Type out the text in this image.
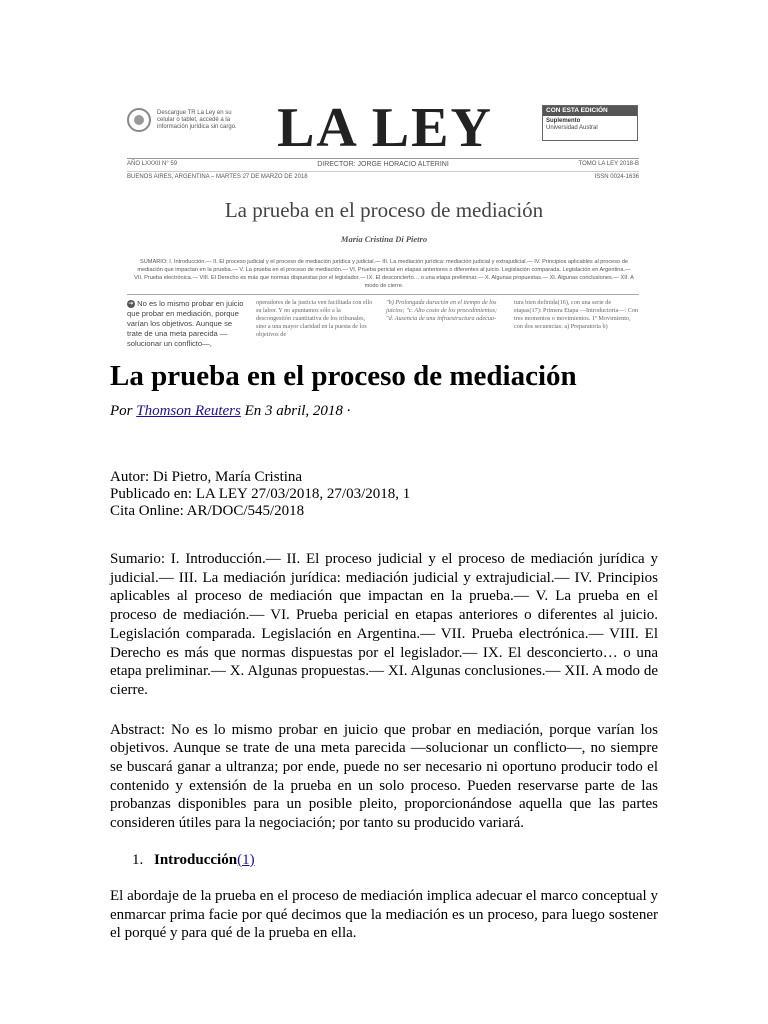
Descargue TR La Ley en su celular o tablet, accedé a la información jurídica sin cargo. LA LEY	CON ESTA EDICIÓN
Suplemento
Universidad Austral
AÑO LXXXII N° 59	DIRECTOR: JORGE HORACIO ALTERINI	TOMO LA LEY 2018-B
BUENOS AIRES, ARGENTINA – MARTES 27 DE MARZO DE 2018	ISSN 0024-1636
La prueba en el proceso de mediación
María Cristina Di Pietro
SUMARIO: I. Introducción.— II. El proceso judicial y el proceso de mediación jurídica y judicial.— III. La mediación jurídica: mediación judicial y extrajudicial.— IV. Principios aplicables al proceso de mediación que impactan en la prueba.— V. La prueba en el proceso de mediación.— VI. Prueba pericial en etapas anteriores o diferentes al juicio. Legislación comparada. Legislación en Argentina.— VII. Prueba electrónica.— VIII. El Derecho es más que normas dispuestas por el legislador.— IX. El desconcierto… o una etapa preliminar.— X. Algunas propuestas.— XI. Algunas conclusiones.— XII. A modo de cierre.
➔ No es lo mismo probar en juicio que probar en mediación, porque varían los objetivos. Aunque se trate de una meta parecida —solucionar un conflicto—,
operadores de la justicia ven facilitada con ello su labor. Y no apuntamos sólo a la descongestión cuantitativa de los tribunales, sino a una mayor claridad en la puesta de los objetivos de
"b) Prolongada duración en el tiempo de los juicios; "c. Alto costo de los procedimientos; "d. Ausencia de una infraestructura adecua-
tura bien definida(16), con una serie de etapas(17): Primera Etapa —Introductoria—: Con tres momentos o movimientos. 1º Movimiento, con dos secuencias: a) Preparatoria b)
La prueba en el proceso de mediación
Por Thomson Reuters En 3 abril, 2018 ·
Autor: Di Pietro, María Cristina
Publicado en: LA LEY 27/03/2018, 27/03/2018, 1
Cita Online: AR/DOC/545/2018

Sumario: I. Introducción.— II. El proceso judicial y el proceso de mediación jurídica y judicial.— III. La mediación jurídica: mediación judicial y extrajudicial.— IV. Principios aplicables al proceso de mediación que impactan en la prueba.— V. La prueba en el proceso de mediación.— VI. Prueba pericial en etapas anteriores o diferentes al juicio. Legislación comparada. Legislación en Argentina.— VII. Prueba electrónica.— VIII. El Derecho es más que normas dispuestas por el legislador.— IX. El desconcierto… o una etapa preliminar.— X. Algunas propuestas.— XI. Algunas conclusiones.— XII. A modo de cierre.

Abstract: No es lo mismo probar en juicio que probar en mediación, porque varían los objetivos. Aunque se trate de una meta parecida —solucionar un conflicto—, no siempre se buscará ganar a ultranza; por ende, puede no ser necesario ni oportuno producir todo el contenido y extensión de la prueba en un solo proceso. Pueden reservarse parte de las probanzas disponibles para un posible pleito, proporcionándose aquella que las partes consideren útiles para la negociación; por tanto su producido variará.

1. Introducción(1)

El abordaje de la prueba en el proceso de mediación implica adecuar el marco conceptual y enmarcar prima facie por qué decimos que la mediación es un proceso, para luego sostener el porqué y para qué de la prueba en ella.
